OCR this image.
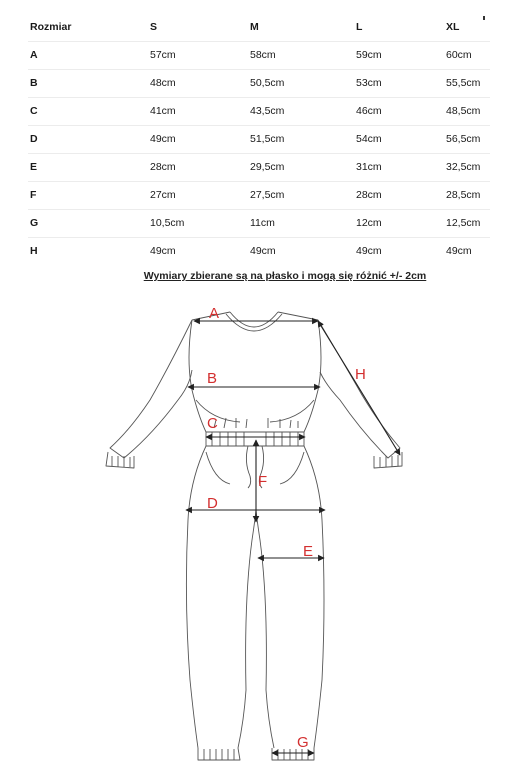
Rozmiar	S	M	L	XL
A	57cm	58cm	59cm	60cm
B	48cm	50,5cm	53cm	55,5cm
C	41cm	43,5cm	46cm	48,5cm
D	49cm	51,5cm	54cm	56,5cm
E	28cm	29,5cm	31cm	32,5cm
F	27cm	27,5cm	28cm	28,5cm
G	10,5cm	11cm	12cm	12,5cm
H	49cm	49cm	49cm	49cm
Wymiary zbierane są na płasko i mogą się różnić +/- 2cm
A
B
C
D
E
F
G
H
